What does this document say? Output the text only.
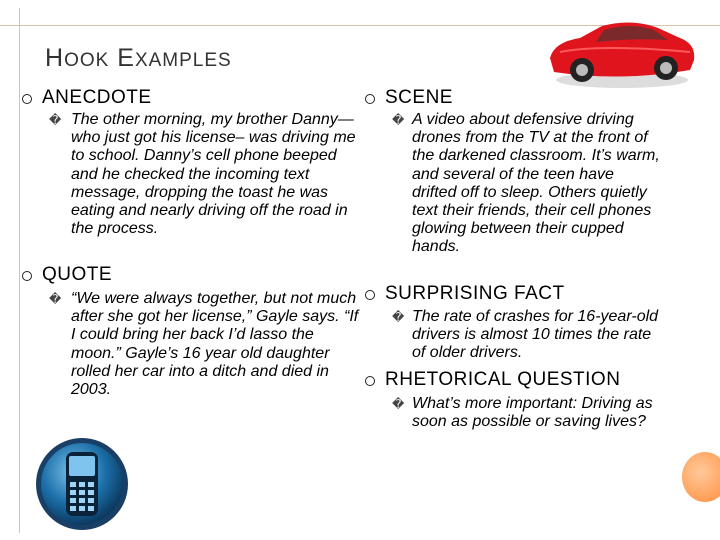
HOOK EXAMPLES
ANECDOTE
� The other morning, my brother Danny—who just got his license– was driving me to school. Danny’s cell phone beeped and he checked the incoming text message, dropping the toast he was eating and nearly driving off the road in the process.
QUOTE
� “We were always together, but not much after she got her license,” Gayle says. “If I could bring her back I’d lasso the moon.” Gayle’s 16 year old daughter rolled her car into a ditch and died in 2003.
SCENE
� A video about defensive driving drones from the TV at the front of the darkened classroom. It’s warm, and several of the teen have drifted off to sleep. Others quietly text their friends, their cell phones glowing between their cupped hands.
SURPRISING FACT
� The rate of crashes for 16-year-old drivers is almost 10 times the rate of older drivers.
RHETORICAL QUESTION
� What’s more important: Driving as soon as possible or saving lives?
